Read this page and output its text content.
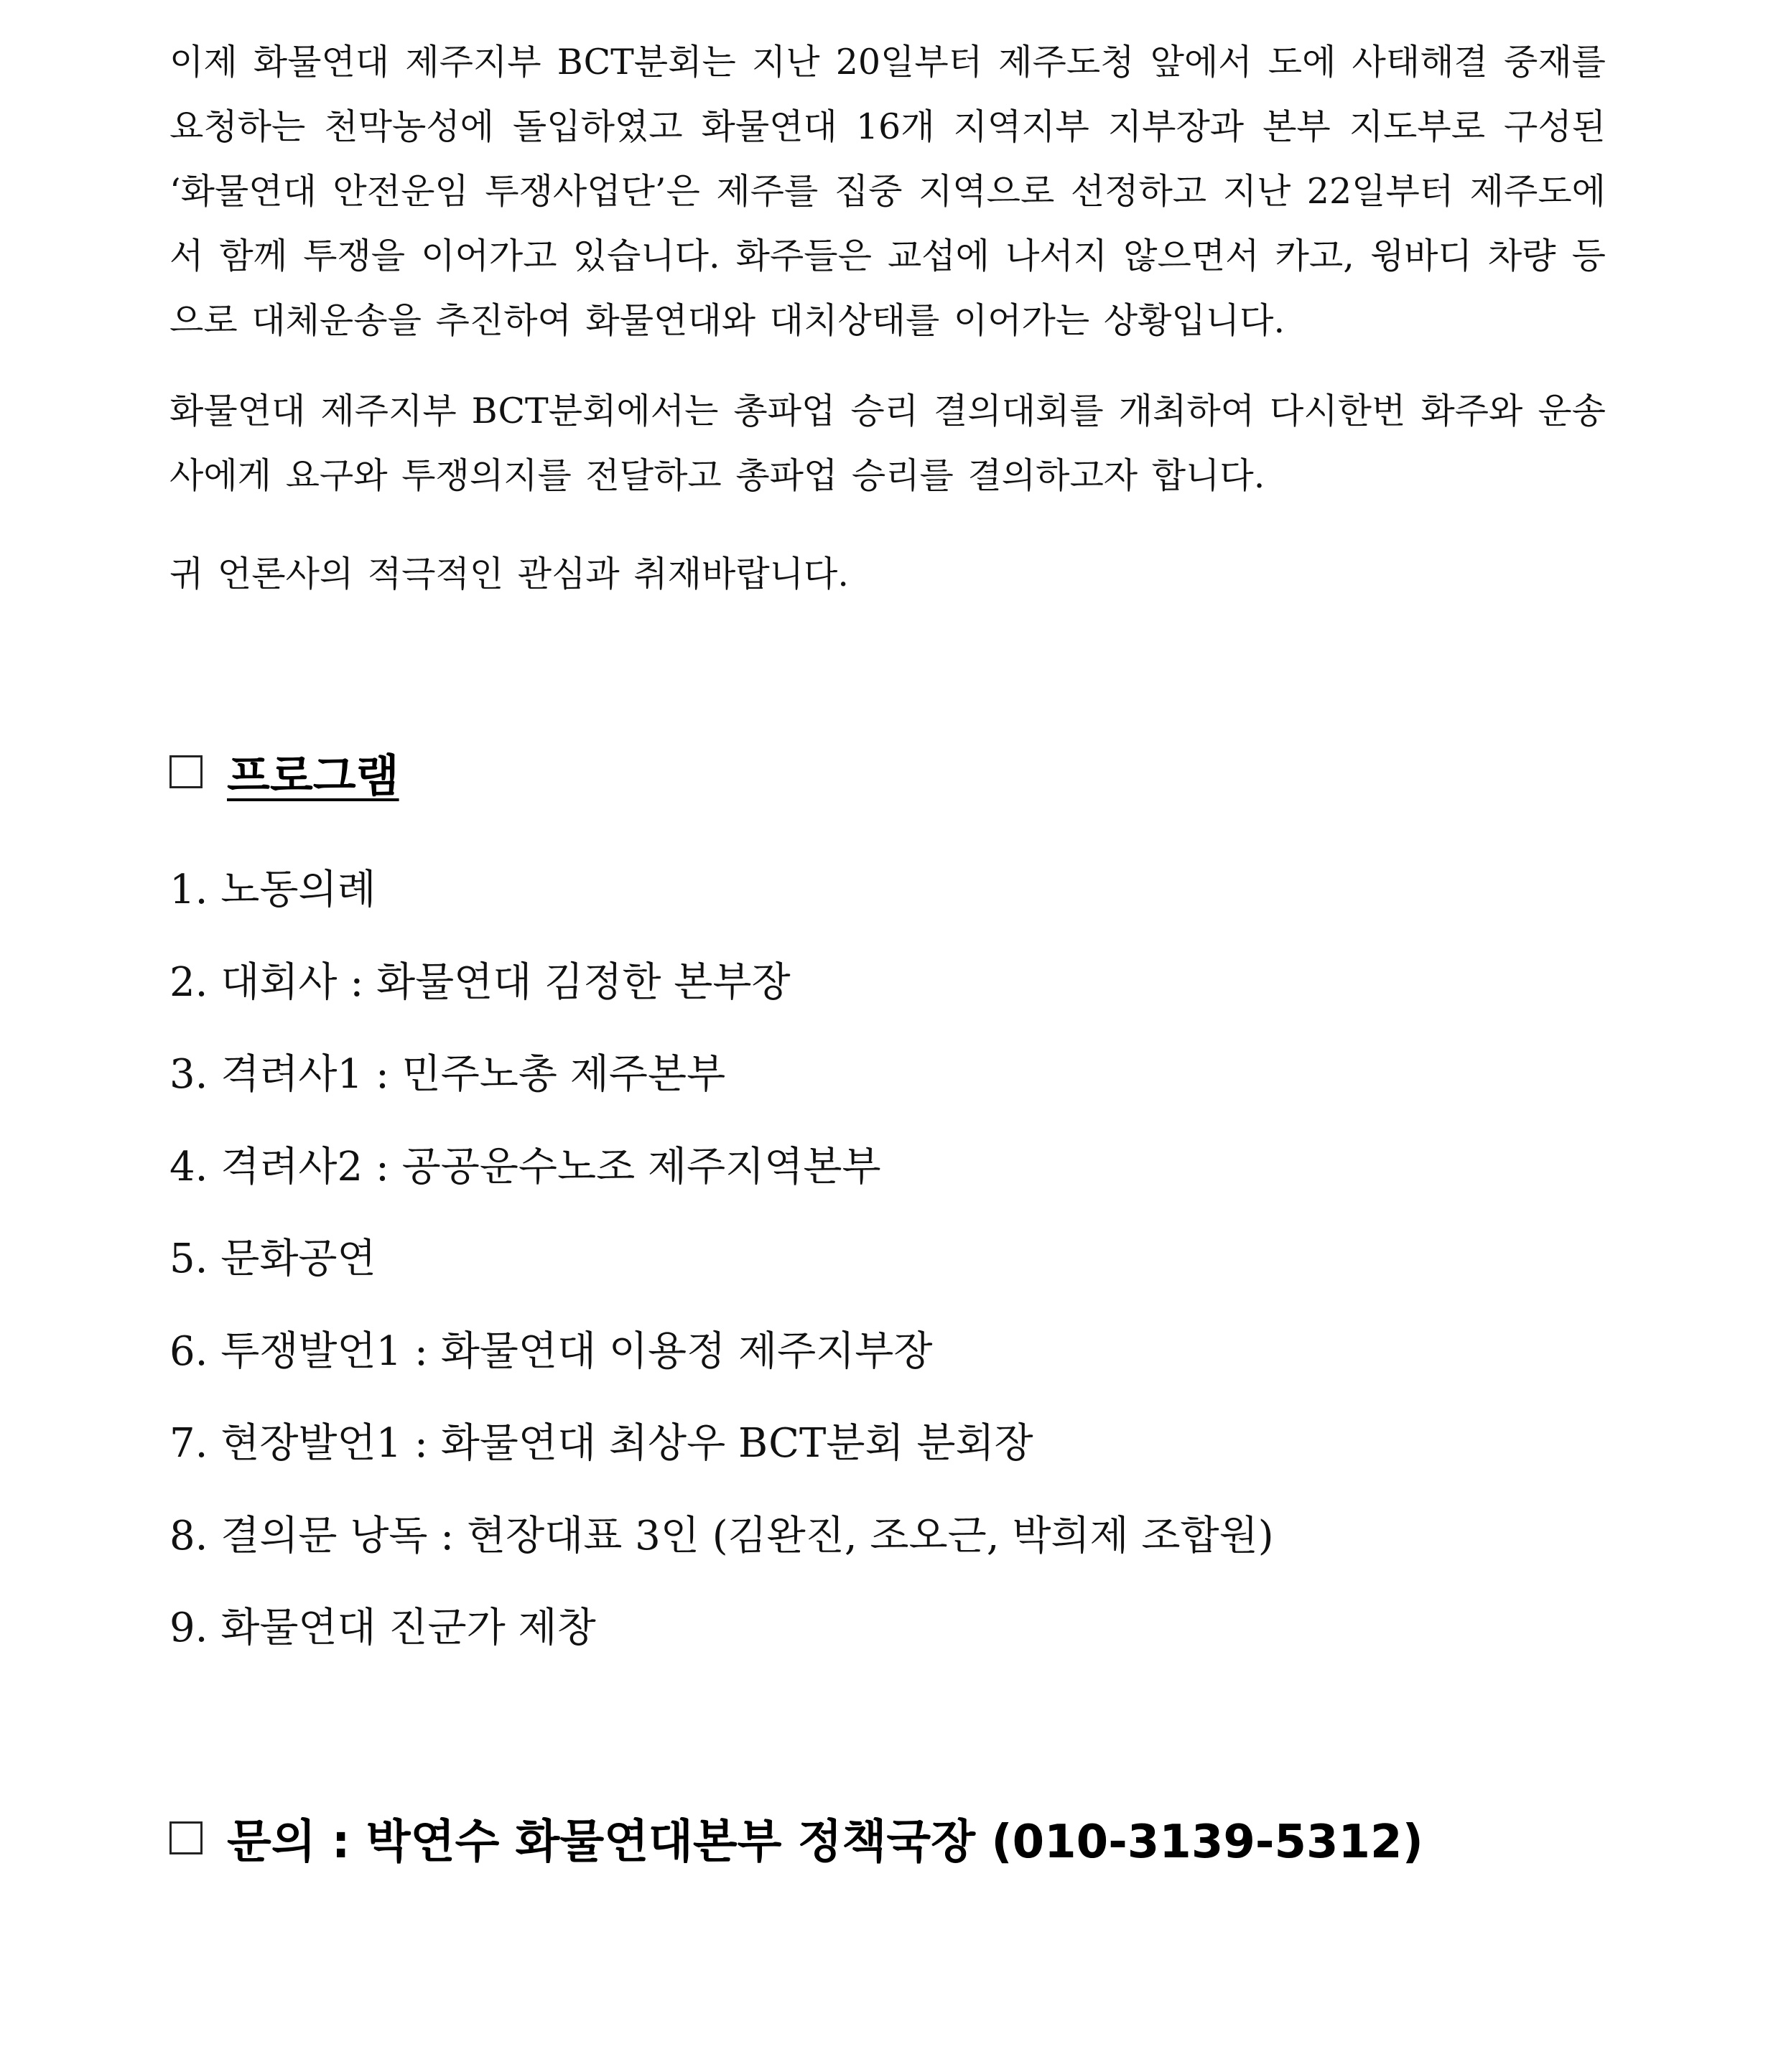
이제 화물연대 제주지부 BCT분회는 지난 20일부터 제주도청 앞에서 도에 사태해결 중재를 요청하는 천막농성에 돌입하였고 화물연대 16개 지역지부 지부장과 본부 지도부로 구성된 ‘화물연대 안전운임 투쟁사업단’은 제주를 집중 지역으로 선정하고 지난 22일부터 제주도에서 함께 투쟁을 이어가고 있습니다. 화주들은 교섭에 나서지 않으면서 카고, 윙바디 차량 등으로 대체운송을 추진하여 화물연대와 대치상태를 이어가는 상황입니다.

화물연대 제주지부 BCT분회에서는 총파업 승리 결의대회를 개최하여 다시한번 화주와 운송사에게 요구와 투쟁의지를 전달하고 총파업 승리를 결의하고자 합니다.

귀 언론사의 적극적인 관심과 취재바랍니다.

프로그램
1. 노동의례
2. 대회사 : 화물연대 김정한 본부장
3. 격려사1 : 민주노총 제주본부
4. 격려사2 : 공공운수노조 제주지역본부
5. 문화공연
6. 투쟁발언1 : 화물연대 이용정 제주지부장
7. 현장발언1 : 화물연대 최상우 BCT분회 분회장
8. 결의문 낭독 : 현장대표 3인 (김완진, 조오근, 박희제 조합원)
9. 화물연대 진군가 제창
문의 : 박연수 화물연대본부 정책국장 (010-3139-5312)
